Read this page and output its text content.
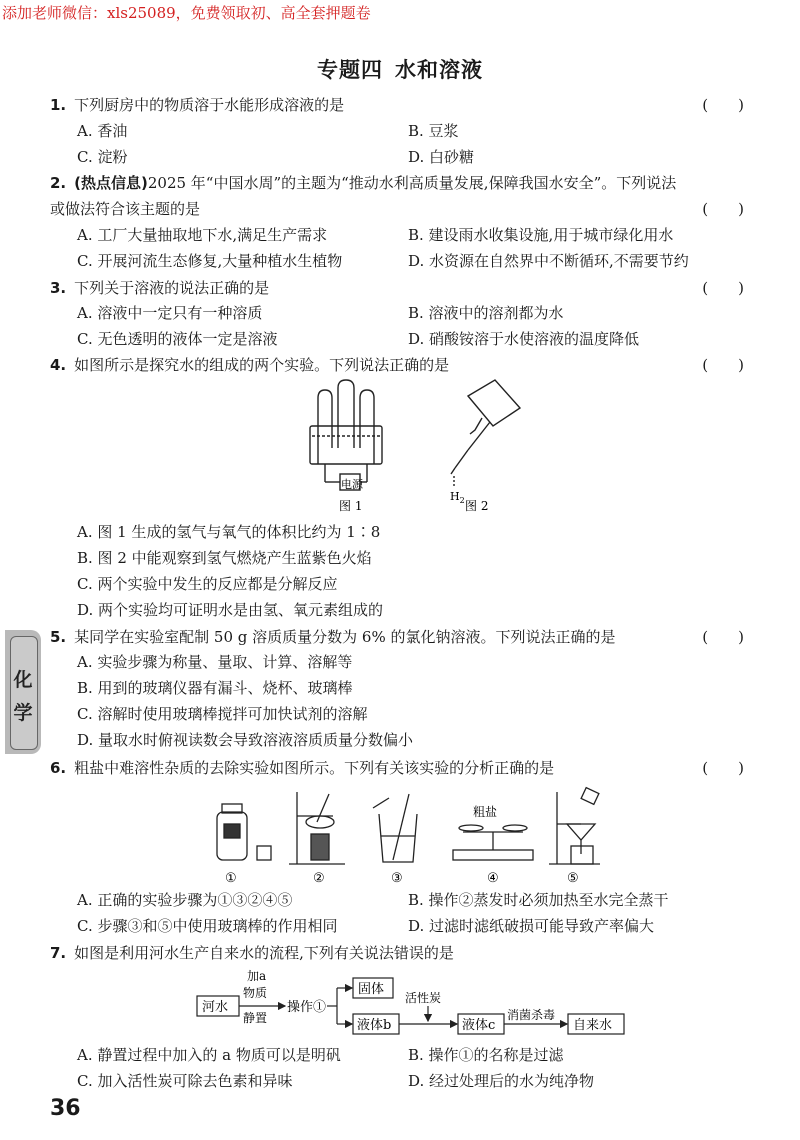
添加老师微信：xls25089，免费领取初、高全套押题卷
专题四 水和溶液
化
学
1. 下列厨房中的物质溶于水能形成溶液的是	(　　)
A. 香油	B. 豆浆
C. 淀粉	D. 白砂糖
2. (热点信息)2025 年“中国水周”的主题为“推动水利高质量发展,保障我国水安全”。下列说法
或做法符合该主题的是	(　　)
A. 工厂大量抽取地下水,满足生产需求	B. 建设雨水收集设施,用于城市绿化用水
C. 开展河流生态修复,大量种植水生植物	D. 水资源在自然界中不断循环,不需要节约
3. 下列关于溶液的说法正确的是	(　　)
A. 溶液中一定只有一种溶质	B. 溶液中的溶剂都为水
C. 无色透明的液体一定是溶液	D. 硝酸铵溶于水使溶液的温度降低
4. 如图所示是探究水的组成的两个实验。下列说法正确的是	(　　)
电源
图 1
$H_2$ 图 2
A. 图 1 生成的氢气与氧气的体积比约为 1∶8
B. 图 2 中能观察到氢气燃烧产生蓝紫色火焰
C. 两个实验中发生的反应都是分解反应
D. 两个实验均可证明水是由氢、氧元素组成的
5. 某同学在实验室配制 50 g 溶质质量分数为 6% 的氯化钠溶液。下列说法正确的是	(　　)
A. 实验步骤为称量、量取、计算、溶解等
B. 用到的玻璃仪器有漏斗、烧杯、玻璃棒
C. 溶解时使用玻璃棒搅拌可加快试剂的溶解
D. 量取水时俯视读数会导致溶液溶质质量分数偏小
6. 粗盐中难溶性杂质的去除实验如图所示。下列有关该实验的分析正确的是	(　　)
粗盐
①	②	③	④	⑤
A. 正确的实验步骤为①③②④⑤	B. 操作②蒸发时必须加热至水完全蒸干
C. 步骤③和⑤中使用玻璃棒的作用相同	D. 过滤时滤纸破损可能导致产率偏大
7. 如图是利用河水生产自来水的流程,下列有关说法错误的是
河水
加a
物质
静置
操作①
固体
液体b
活性炭
液体c
消菌杀毒
自来水
A. 静置过程中加入的 a 物质可以是明矾	B. 操作①的名称是过滤
C. 加入活性炭可除去色素和异味	D. 经过处理后的水为纯净物
36
